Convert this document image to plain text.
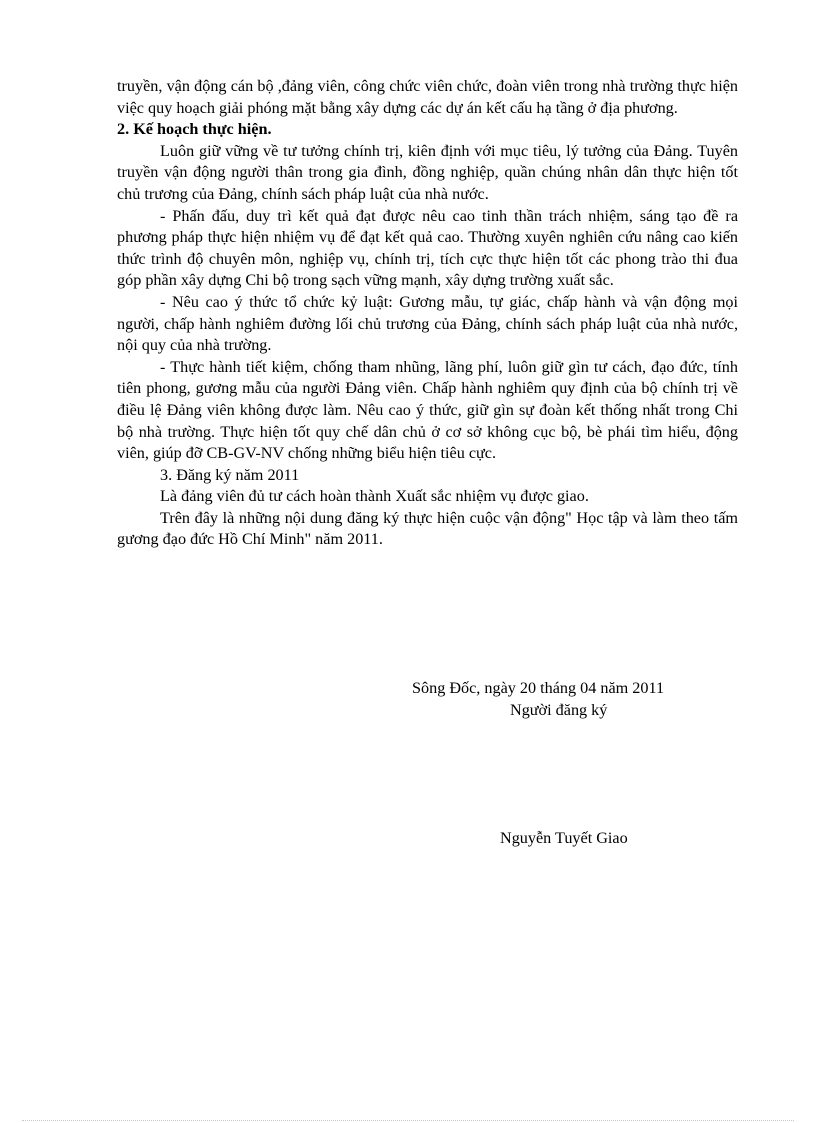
truyền, vận động cán bộ ,đảng viên, công chức viên chức, đoàn viên trong nhà trường thực hiện việc quy hoạch giải phóng mặt bằng xây dựng các dự án kết cấu hạ tầng ở địa phương.

2. Kế hoạch thực hiện.

Luôn giữ vững về tư tưởng chính trị, kiên định với mục tiêu, lý tưởng của Đảng. Tuyên truyền vận động người thân trong gia đình, đồng nghiệp, quần chúng nhân dân thực hiện tốt chủ trương của Đảng, chính sách pháp luật của nhà nước.

- Phấn đấu, duy trì kết quả đạt được nêu cao tinh thần trách nhiệm, sáng tạo đề ra phương pháp thực hiện nhiệm vụ để đạt kết quả cao. Thường xuyên nghiên cứu nâng cao kiến thức trình độ chuyên môn, nghiệp vụ, chính trị, tích cực thực hiện tốt các phong trào thi đua góp phần xây dựng Chi bộ trong sạch vững mạnh, xây dựng trường xuất sắc.

- Nêu cao ý thức tổ chức kỷ luật: Gương mẫu, tự giác, chấp hành và vận động mọi người, chấp hành nghiêm đường lối chủ trương của Đảng, chính sách pháp luật của nhà nước, nội quy của nhà trường.

- Thực hành tiết kiệm, chống tham nhũng, lãng phí, luôn giữ gìn tư cách, đạo đức, tính tiên phong, gương mẫu của người Đảng viên. Chấp hành nghiêm quy định của bộ chính trị về điều lệ Đảng viên không được làm. Nêu cao ý thức, giữ gìn sự đoàn kết thống nhất trong Chi bộ nhà trường. Thực hiện tốt quy chế dân chủ ở cơ sở không cục bộ, bè phái tìm hiểu, động viên, giúp đỡ CB-GV-NV chống những biểu hiện tiêu cực.

3. Đăng ký năm 2011

Là đảng viên đủ tư cách hoàn thành Xuất sắc nhiệm vụ được giao.

Trên đây là những nội dung đăng ký thực hiện cuộc vận động" Học tập và làm theo tấm gương đạo đức Hồ Chí Minh" năm 2011.

Sông Đốc, ngày 20 tháng 04 năm 2011
Người đăng ký
Nguyễn Tuyết Giao
